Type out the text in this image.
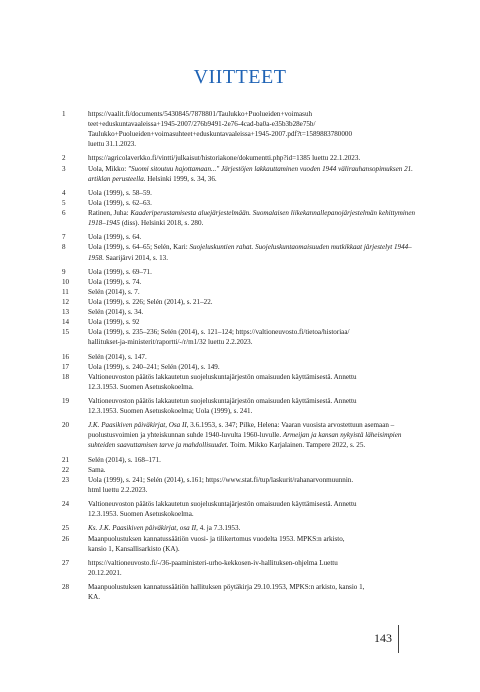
VIITTEET
1	https://vaalit.fi/documents/5430845/7878801/Taulukko+Puolueiden+voimasuh
teet+eduskuntavaaleissa+1945-2007/276b9491-2e76-4cad-ba0a-e35b3b28e75b/
Taulukko+Puolueiden+voimasuhteet+eduskuntavaaleissa+1945-2007.pdf?t=1589883780000
luettu 31.1.2023.
2	https://agricolaverkko.fi/vintti/julkaisut/historiakone/dokumentti.php?id=1385 luettu 22.1.2023.
3	Uola, Mikko: "Suomi sitoutuu hajottamaan..." Järjestöjen lakkauttaminen vuoden 1944 välirauhansopimuksen 21. artiklan perusteella. Helsinki 1999, s. 34, 36.
4	Uola (1999), s. 58–59.
5	Uola (1999), s. 62–63.
6	Ratinen, Juha: Kaaderiperustamisesta aluejärjestelmään. Suomalaisen liikekannallepanojärjestelmän kehittyminen 1918–1945 (diss). Helsinki 2018, s. 280.
7	Uola (1999), s. 64.
8	Uola (1999), s. 64–65; Selén, Kari: Suojeluskuntien rahat. Suojeluskuntaomaisuuden mutkikkaat järjestelyt 1944–1958. Saarijärvi 2014, s. 13.
9	Uola (1999), s. 69–71.
10	Uola (1999), s. 74.
11	Selén (2014), s. 7.
12	Uola (1999), s. 226; Selén (2014), s. 21–22.
13	Selén (2014), s. 34.
14	Uola (1999), s. 92
15	Uola (1999), s. 235–236; Selén (2014), s. 121–124; https://valtioneuvosto.fi/tietoa/historiaa/
hallitukset-ja-ministerit/raportti/-/r/m1/32 luettu 2.2.2023.
16	Selén (2014), s. 147.
17	Uola (1999), s. 240–241; Selén (2014), s. 149.
18	Valtioneuvoston päätös lakkautetun suojeluskuntajärjestön omaisuuden käyttämisestä. Annettu
12.3.1953. Suomen Asetuskokoelma.
19	Valtioneuvoston päätös lakkautetun suojeluskuntajärjestön omaisuuden käyttämisestä. Annettu
12.3.1953. Suomen Asetuskokoelma; Uola (1999), s. 241.
20	J.K. Paasikiven päiväkirjat, Osa II, 3.6.1953, s. 347; Pilke, Helena: Vaaran vuosista arvostettuun asemaan – puolustusvoimien ja yhteiskunnan suhde 1940-luvulta 1960-luvulle. Armeijan ja kansan nykyistä läheisimpien suhteiden saavuttamisen tarve ja mahdollisuudet. Toim. Mikko Karjalainen. Tampere 2022, s. 25.
21	Selén (2014), s. 168–171.
22	Sama.
23	Uola (1999), s. 241; Selén (2014), s.161; https://www.stat.fi/tup/laskurit/rahanarvonmuunnin.
html luettu 2.2.2023.
24	Valtioneuvoston päätös lakkautetun suojeluskuntajärjestön omaisuuden käyttämisestä. Annettu
12.3.1953. Suomen Asetuskokoelma.
25	Ks. J.K. Paasikiven päiväkirjat, osa II, 4. ja 7.3.1953.
26	Maanpuolustuksen kannatussäätiön vuosi- ja tilikertomus vuodelta 1953. MPKS:n arkisto,
kansio 1, Kansallisarkisto (KA).
27	https://valtioneuvosto.fi/-/36-paaministeri-urho-kekkosen-iv-hallituksen-ohjelma Luettu
20.12.2021.
28	Maanpuolustuksen kannatussäätiön hallituksen pöytäkirja 29.10.1953, MPKS:n arkisto, kansio 1,
KA.
143
